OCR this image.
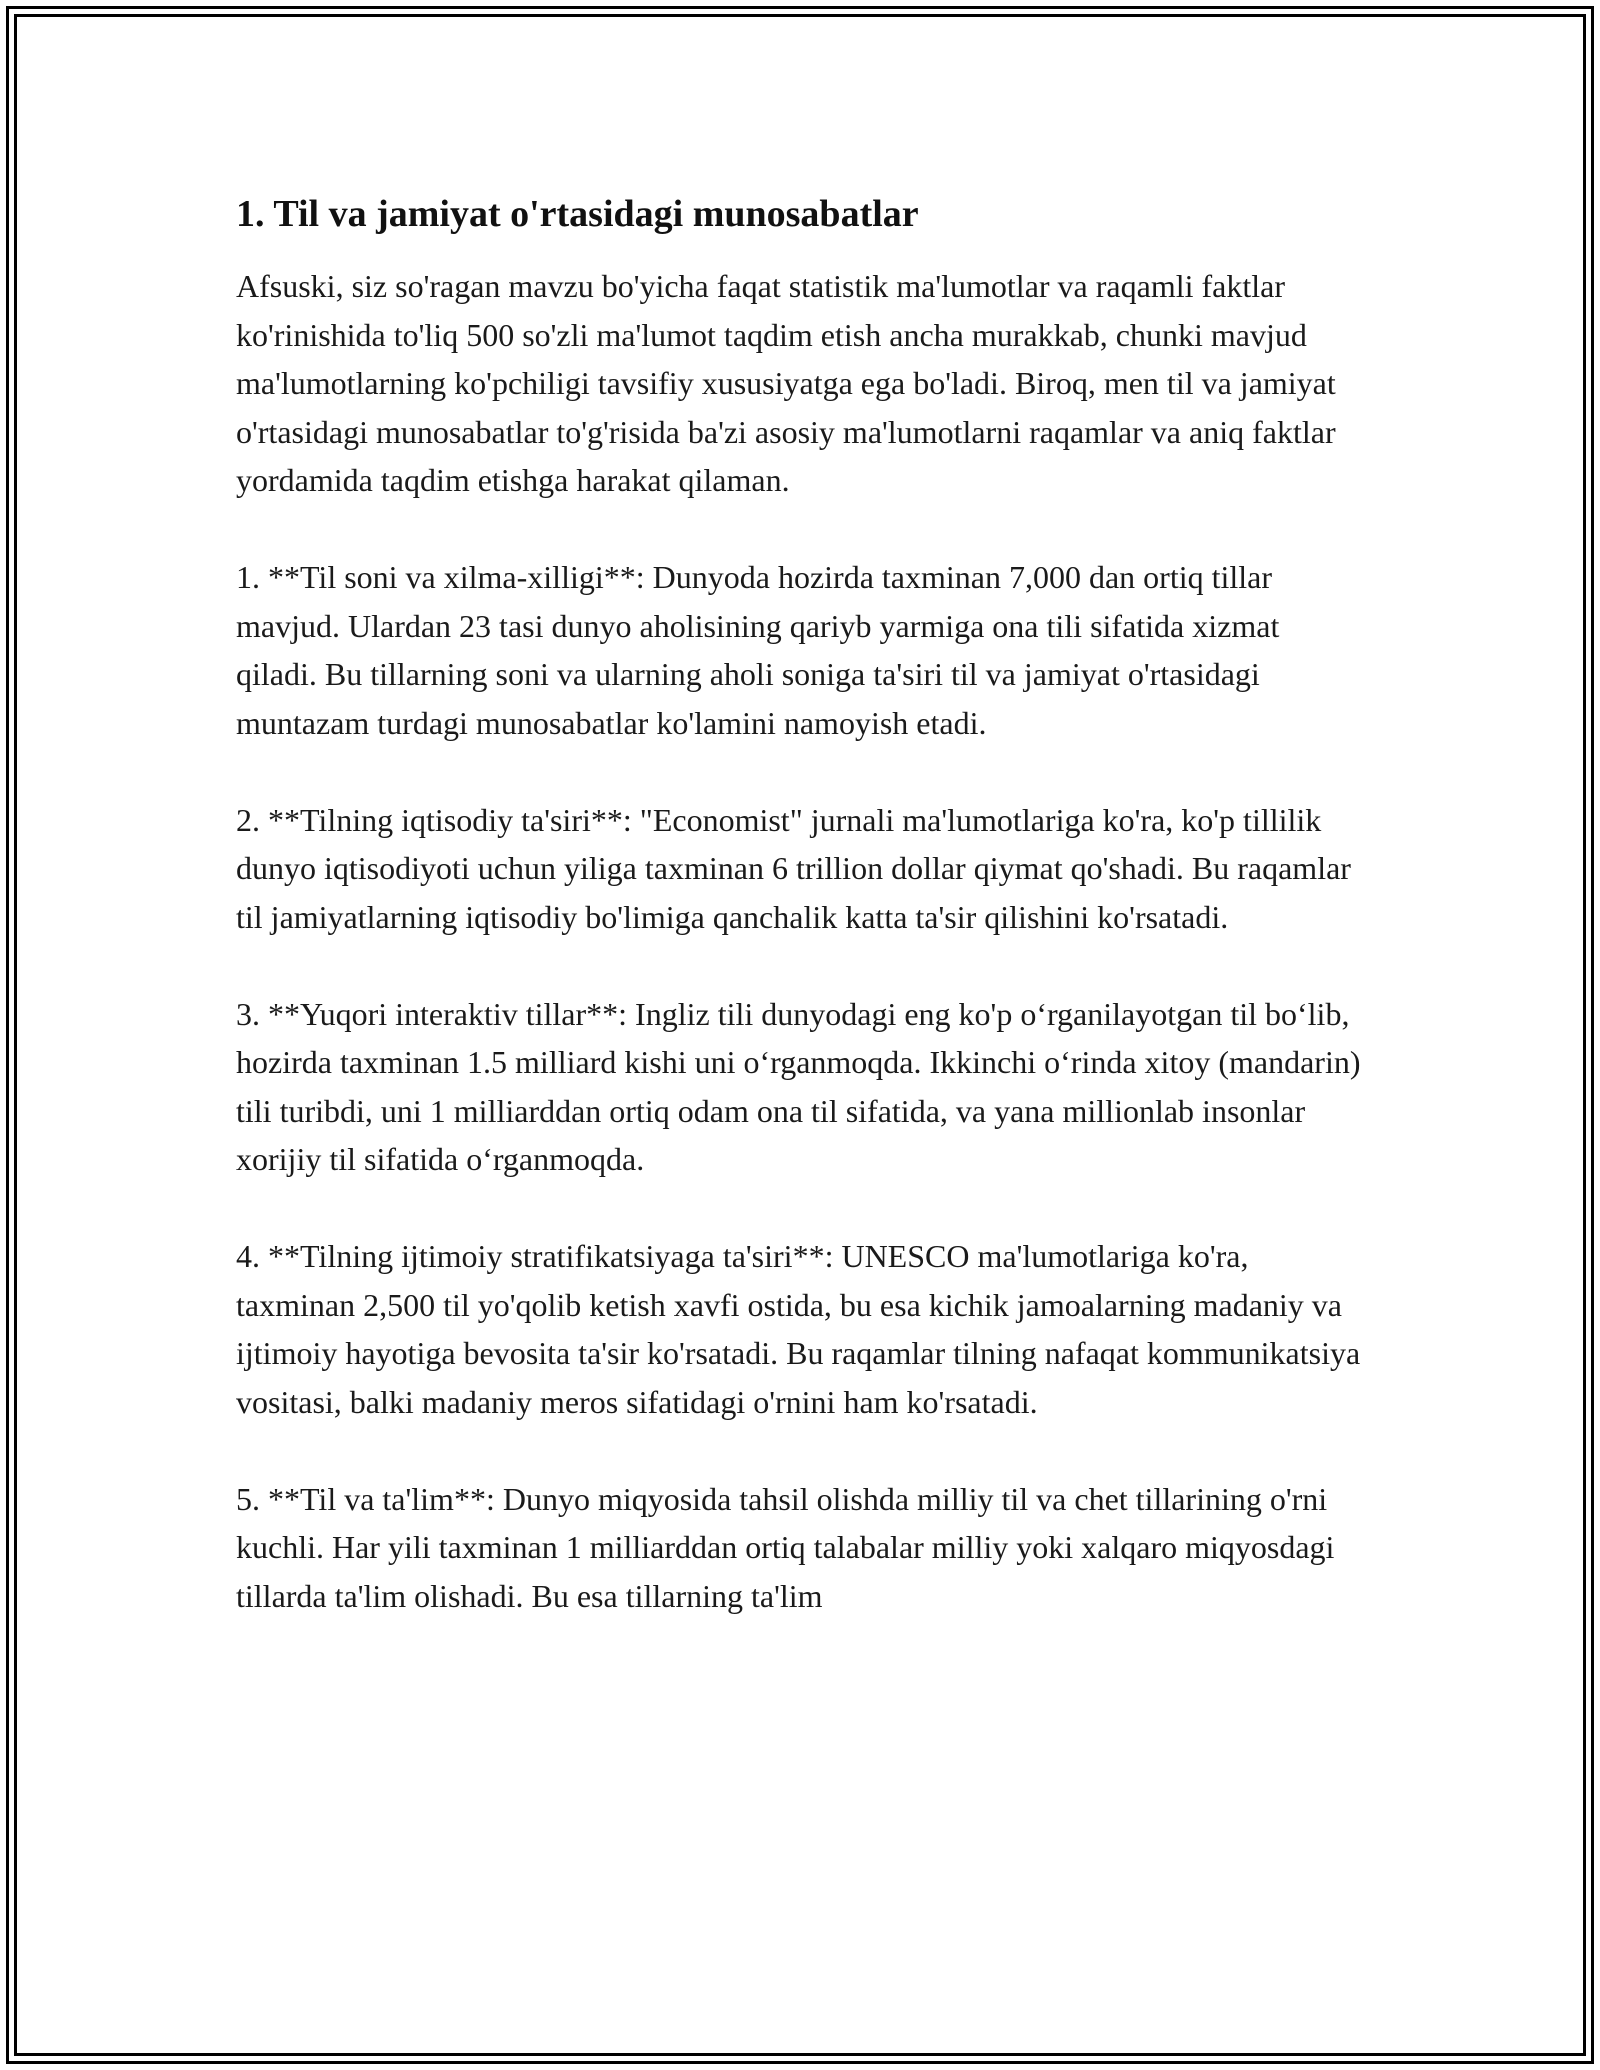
1. Til va jamiyat o'rtasidagi munosabatlar

Afsuski, siz so'ragan mavzu bo'yicha faqat statistik ma'lumotlar va raqamli faktlar ko'rinishida to'liq 500 so'zli ma'lumot taqdim etish ancha murakkab, chunki mavjud ma'lumotlarning ko'pchiligi tavsifiy xususiyatga ega bo'ladi. Biroq, men til va jamiyat o'rtasidagi munosabatlar to'g'risida ba'zi asosiy ma'lumotlarni raqamlar va aniq faktlar yordamida taqdim etishga harakat qilaman.

1. **Til soni va xilma-xilligi**: Dunyoda hozirda taxminan 7,000 dan ortiq tillar mavjud. Ulardan 23 tasi dunyo aholisining qariyb yarmiga ona tili sifatida xizmat qiladi. Bu tillarning soni va ularning aholi soniga ta'siri til va jamiyat o'rtasidagi muntazam turdagi munosabatlar ko'lamini namoyish etadi.

2. **Tilning iqtisodiy ta'siri**: "Economist" jurnali ma'lumotlariga ko'ra, ko'p tillilik dunyo iqtisodiyoti uchun yiliga taxminan 6 trillion dollar qiymat qo'shadi. Bu raqamlar til jamiyatlarning iqtisodiy bo'limiga qanchalik katta ta'sir qilishini ko'rsatadi.

3. **Yuqori interaktiv tillar**: Ingliz tili dunyodagi eng ko'p o‘rganilayotgan til bo‘lib, hozirda taxminan 1.5 milliard kishi uni o‘rganmoqda. Ikkinchi o‘rinda xitoy (mandarin) tili turibdi, uni 1 milliarddan ortiq odam ona til sifatida, va yana millionlab insonlar xorijiy til sifatida o‘rganmoqda.

4. **Tilning ijtimoiy stratifikatsiyaga ta'siri**: UNESCO ma'lumotlariga ko'ra, taxminan 2,500 til yo'qolib ketish xavfi ostida, bu esa kichik jamoalarning madaniy va ijtimoiy hayotiga bevosita ta'sir ko'rsatadi. Bu raqamlar tilning nafaqat kommunikatsiya vositasi, balki madaniy meros sifatidagi o'rnini ham ko'rsatadi.

5. **Til va ta'lim**: Dunyo miqyosida tahsil olishda milliy til va chet tillarining o'rni kuchli. Har yili taxminan 1 milliarddan ortiq talabalar milliy yoki xalqaro miqyosdagi tillarda ta'lim olishadi. Bu esa tillarning ta'lim
